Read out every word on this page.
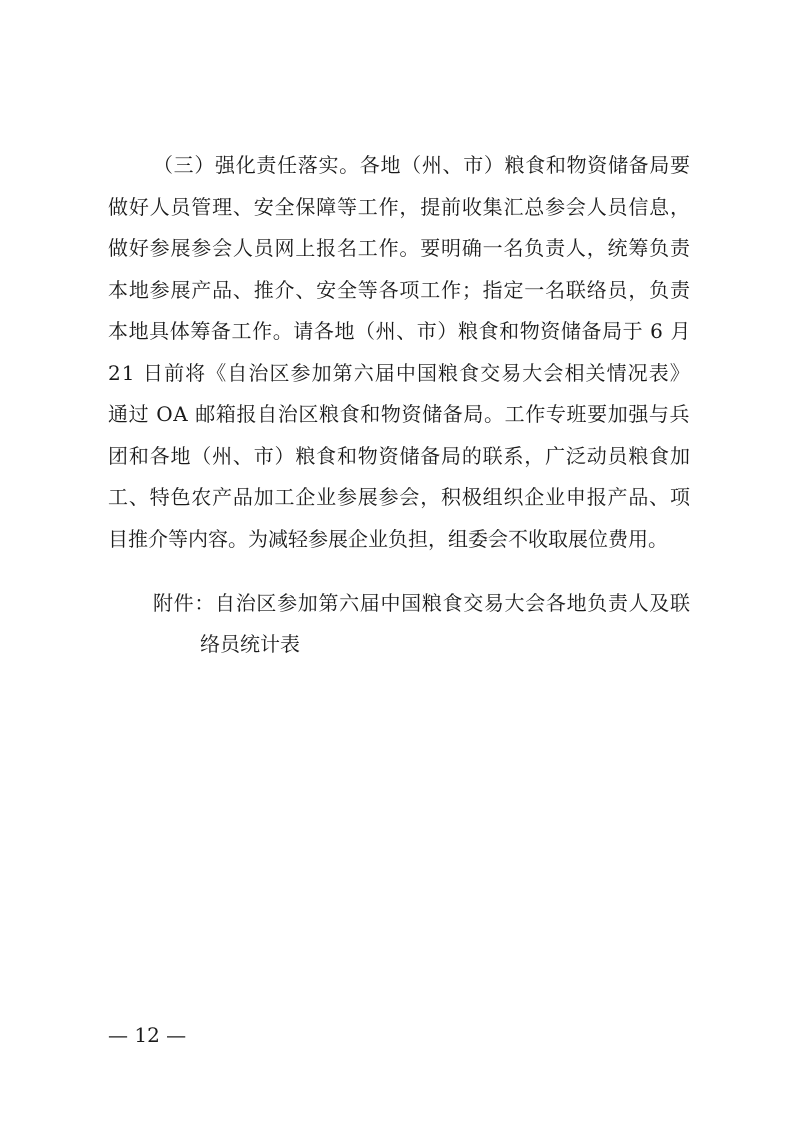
（三）强化责任落实。各地（州、市）粮食和物资储备局要
做好人员管理、安全保障等工作，提前收集汇总参会人员信息，
做好参展参会人员网上报名工作。要明确一名负责人，统筹负责
本地参展产品、推介、安全等各项工作；指定一名联络员，负责
本地具体筹备工作。请各地（州、市）粮食和物资储备局于 6 月
21 日前将《自治区参加第六届中国粮食交易大会相关情况表》
通过 OA 邮箱报自治区粮食和物资储备局。工作专班要加强与兵
团和各地（州、市）粮食和物资储备局的联系，广泛动员粮食加
工、特色农产品加工企业参展参会，积极组织企业申报产品、项
目推介等内容。为减轻参展企业负担，组委会不收取展位费用。
附件：自治区参加第六届中国粮食交易大会各地负责人及联
络员统计表
— 12 —
